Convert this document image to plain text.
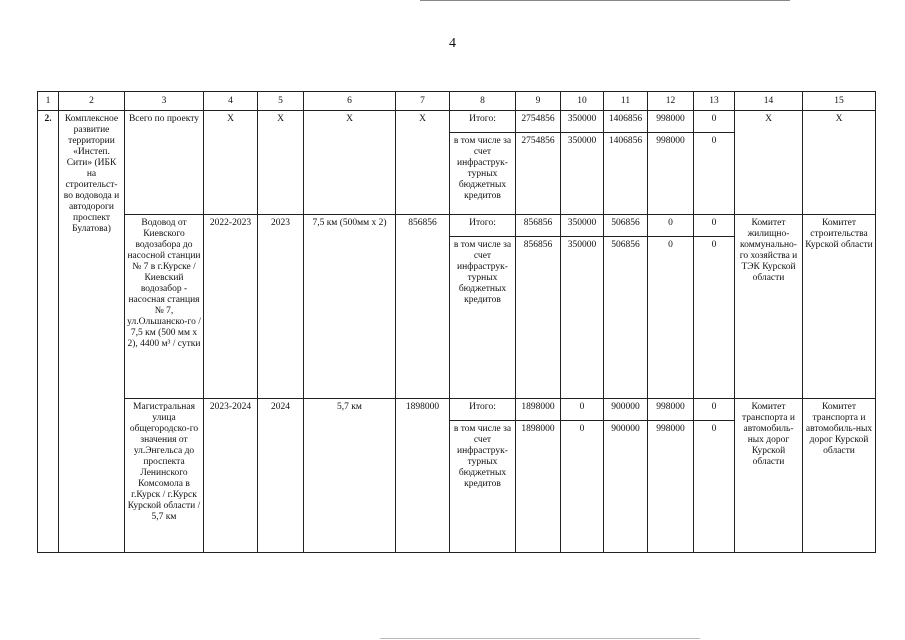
4
1	2	3	4	5	6	7	8	9	10	11	12	13	14	15
2.	Комплексное развитие территории «Инстеп. Сити» (ИБК на строительст-во водовода и автодороги проспект Булатова)	Всего по проекту	Х	Х	Х	Х	Итого:	2754856	350000	1406856	998000	0	Х	Х
							в том числе за счет инфраструк-турных бюджетных кредитов	2754856	350000	1406856	998000	0		
		Водовод от Киевского водозабора до насосной станции № 7 в г.Курске / Киевский водозабор - насосная станция № 7, ул.Ольшанско-го / 7,5 км (500 мм х 2), 4400 м³ / сутки	2022-2023	2023	7,5 км (500мм х 2)	856856	Итого:	856856	350000	506856	0	0	Комитет жилищно-коммунально-го хозяйства и ТЭК Курской области	Комитет строительства Курской области
							в том числе за счет инфраструк-турных бюджетных кредитов	856856	350000	506856	0	0		
		Магистральная улица общегородско-го значения от ул.Энгельса до проспекта Ленинского Комсомола в г.Курск / г.Курск Курской области / 5,7 км	2023-2024	2024	5,7 км	1898000	Итого:	1898000	0	900000	998000	0	Комитет транспорта и автомобиль-ных дорог Курской области	Комитет транспорта и автомобиль-ных дорог Курской области
							в том числе за счет инфраструк-турных бюджетных кредитов	1898000	0	900000	998000	0		
